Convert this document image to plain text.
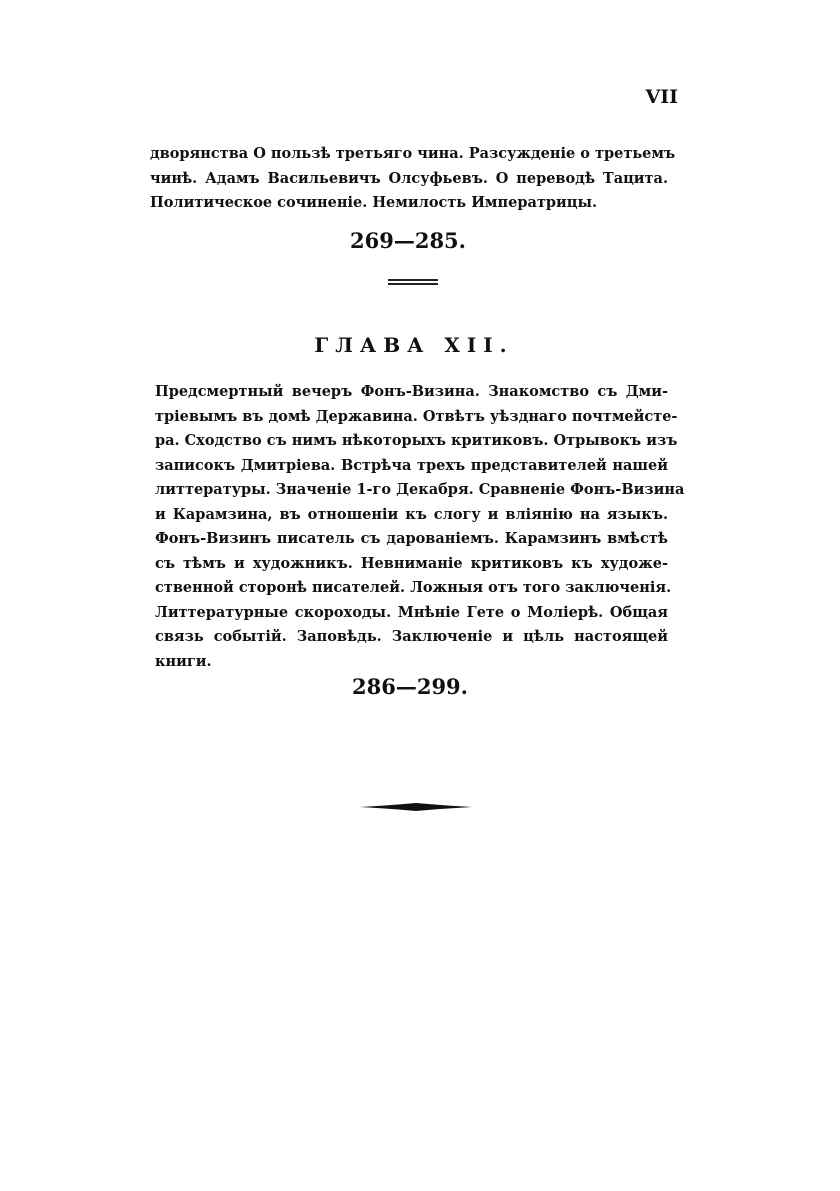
VII
дворянства О пользѣ третьяго чина. Разсужденіе о третьемъ
чинѣ. Адамъ Васильевичъ Олсуфьевъ. О переводѣ Тацита.
Политическое сочиненіе. Немилость Императрицы.
269—285.
ГЛАВА XII.
Предсмертный вечеръ Фонъ-Визина. Знакомство съ Дми-
тріевымъ въ домѣ Державина. Отвѣтъ уѣзднаго почтмейсте-
ра. Сходство съ нимъ нѣкоторыхъ критиковъ. Отрывокъ изъ
записокъ Дмитріева. Встрѣча трехъ представителей нашей
литтературы. Значеніе 1-го Декабря. Сравненіе Фонъ-Визина
и Карамзина, въ отношеніи къ слогу и вліянію на языкъ.
Фонъ-Визинъ писатель съ дарованіемъ. Карамзинъ вмѣстѣ
съ тѣмъ и художникъ. Невниманіе критиковъ къ художе-
ственной сторонѣ писателей. Ложныя отъ того заключенія.
Литтературные скороходы. Мнѣніе Гете о Моліерѣ. Общая
связь событій. Заповѣдь. Заключеніе и цѣль настоящей
книги.
286—299.
